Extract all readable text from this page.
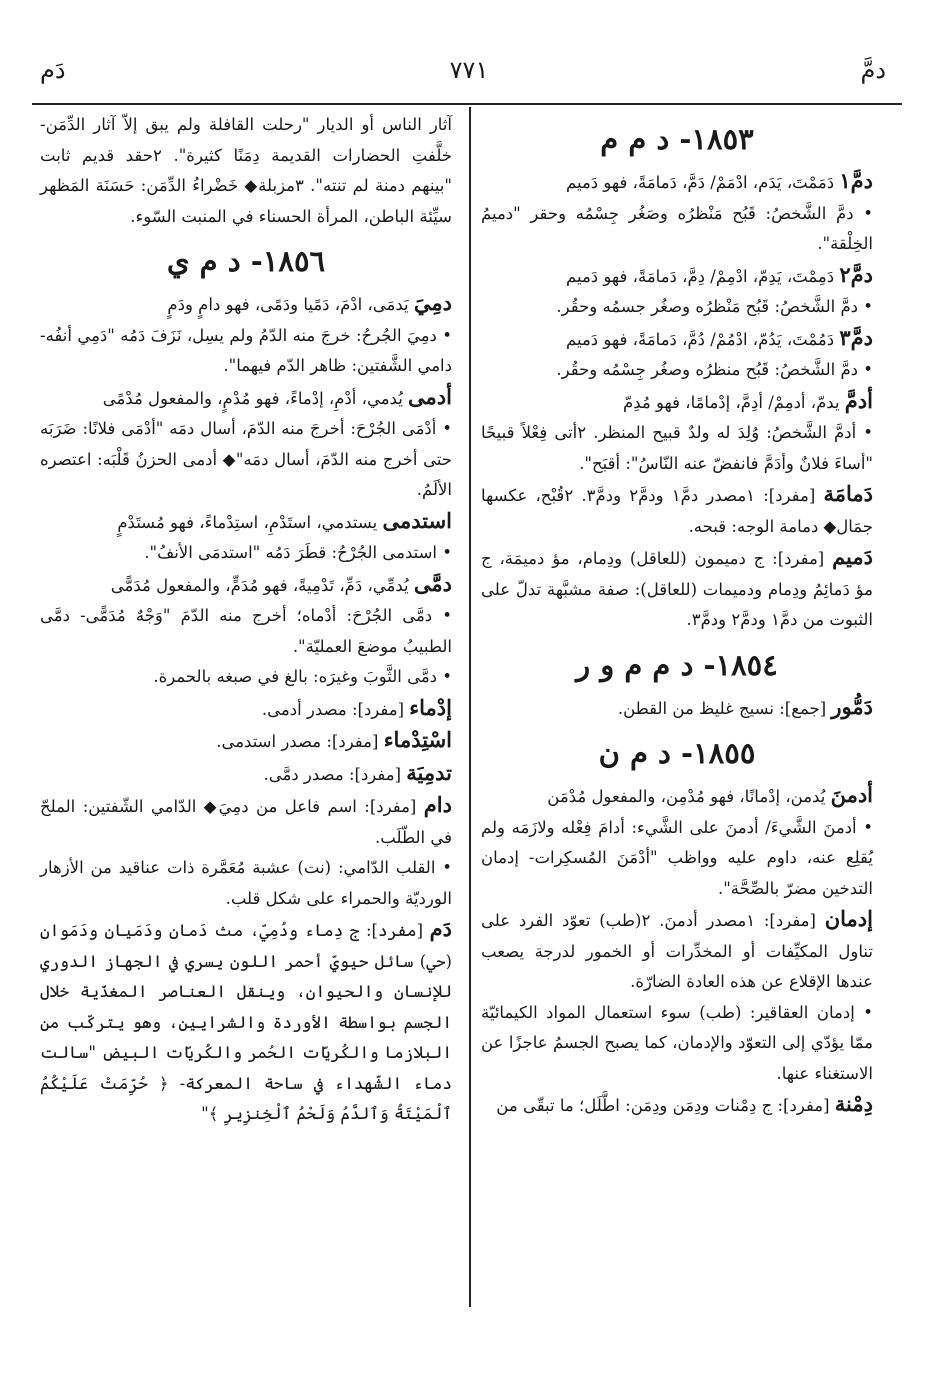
دَم	٧٧١	دمَّ
١٨٥٣- د م م

دمَّ١ دَمَمْتَ، يَدَم، ادْمَمْ/ دَمَّ، دَمامَةً، فهو دَميم

• دمَّ الشَّخصُ: قَبُح مَنْظرُه وصَغُر جِسْمُه وحقر "دميمُ الخِلْقة".

دمَّ٢ دَمِمْتَ، يَدِمّ، ادْمِمْ/ دِمَّ، دَمامَةً، فهو دَميم

• دمَّ الشَّخصُ: قَبُح مَنْظرُه وصغُر جسمُه وحقُر.

دمَّ٣ دَمُمْتَ، يَدُمّ، ادْمُمْ/ دُمَّ، دَمامَةً، فهو دَميم

• دمَّ الشَّخصُ: قَبُح منظرُه وصغُر جِسْمُه وحقُر.

أدمَّ يدمّ، أدمِمْ/ أدِمَّ، إدْمامًا، فهو مُدِمّ

• أدمَّ الشَّخصُ: وُلِدَ له ولدٌ قبيح المنظر. ٢أتى فِعْلاً قبيحًا "أساءَ فلانٌ وأدَمَّ فانفضّ عنه النّاسُ": أقبَح".

دَمامَة [مفرد]: ١مصدر دمَّ١ ودمَّ٢ ودمَّ٣. ٢قُبْح، عكسها جمَال◆ دمامة الوجه: قبحه.

دَميم [مفرد]: ج دميمون (للعاقل) ودِمام، مؤ دميمَة، ج مؤ دَمائِمُ ودِمام ودميمات (للعاقل): صفة مشبَّهة تدلّ على الثبوت من دمَّ١ ودمَّ٢ ودمَّ٣.

١٨٥٤- د م م و ر

دَمُّور [جمع]: نسيج غليظ من القطن.

١٨٥٥- د م ن

أدمنَ يُدمن، إدْمانًا، فهو مُدْمِن، والمفعول مُدْمَن

• أدمنَ الشَّيءَ/ أدمنَ على الشَّيء: أدامَ فِعْله ولازَمَه ولم يُقلِع عنه، داوم عليه وواظب "أدْمَنَ المُسكِرات- إدمان التدخين مضرّ بالصِّحَّة".

إدمان [مفرد]: ١مصدر أدمنَ. ٢(طب) تعوّد الفرد على تناول المكيِّفات أو المخدِّرات أو الخمور لدرجة يصعب عندها الإقلاع عن هذه العادة الضارّة.

• إدمان العقاقير: (طب) سوء استعمال المواد الكيمائيّة ممّا يؤدّي إلى التعوّد والإدمان، كما يصبح الجسمُ عاجزًا عن الاستغناء عنها.

دِمْنة [مفرد]: ج دِمْنات ودِمَن ودِمَن: اطَّلَل؛ ما تبقّى من

آثار الناس أو الديار "رحلت القافلة ولم يبق إلاّ آثار الدِّمَن- خلَّفتِ الحضارات القديمة دِمَنًا كثيرة". ٢حقد قديم ثابت "بينهم دمنة لم تنته". ٣مزبلة◆ خَضْراءُ الدِّمَن: حَسَنَة المَظهر سيِّئة الباطن، المرأة الحسناء في المنبت السّوء.

١٨٥٦- د م ي

دمِيَ يَدمَى، ادْمَ، دَمًيا ودَمًى، فهو دامٍ ودَمٍ

• دمِيَ الجُرحُ: خرجَ منه الدّمُ ولم يسِل، نَزَفَ دَمُه "دَمِي أنفُه- دامي الشَّفتين: ظاهر الدّم فيهما".

أدمى يُدمي، أدْمِ، إدْماءً، فهو مُدْمٍ، والمفعول مُدْمًى

• أدْمَى الجُرْحَ: أخرجَ منه الدّمَ، أسال دمَه "أدْمَى فلانًا: ضَرَبَه حتى أخرج منه الدّمَ، أسال دمَه"◆ أدمى الحزنُ قَلْبَه: اعتصره الألَمُ.

استدمى يستدمي، استَدْمِ، استِدْماءً، فهو مُستَدْمٍ

• استدمى الجُرْحُ: قطَرَ دَمُه "استدمَى الأنفُ".

دمَّى يُدمِّي، دَمِّ، تَدْمِيةً، فهو مُدَمٍّ، والمفعول مُدَمًّى

• دمَّى الجُرْحَ: أدْماه؛ أخرج منه الدّمَ "وَجْهٌ مُدَمًّى- دمَّى الطبيبُ موضعَ العمليّة".

• دمَّى الثَّوبَ وغيرَه: بالغ في صبغه بالحمرة.

إدْماء [مفرد]: مصدر أدمى.

اسْتِدْماء [مفرد]: مصدر استدمى.

تدمِيَة [مفرد]: مصدر دمَّى.

دام [مفرد]: اسم فاعل من دمِيَ◆ الدّامي الشّفتين: الملحّ في الطّلَب.

• القلب الدّامي: (نت) عشبة مُعَمَّرة ذات عناقيد من الأزهار الورديّة والحمراء على شكل قلب.

دَم [مفرد]: ج دِماء ودُمِيّ، مث دَمان ودَمَيان ودَمَوان (حي) سائل حيويّ أحمر اللون يسري في الجهاز الدوري للإنسان والحيوان، وينقل العناصر المغذّية خلال الجسم بواسطة الأوردة والشرايين، وهو يتركّب من البلازما والكُريّات الحُمر والكُريّات البيض "سالت دماء الشّهداء في ساحة المعركة- ﴿ حُرِّمَتْ عَلَيْكُمُ ٱلْمَيْتَةُ وَٱلدَّمُ وَلَحْمُ ٱلْخِنزِيرِ ﴾"
